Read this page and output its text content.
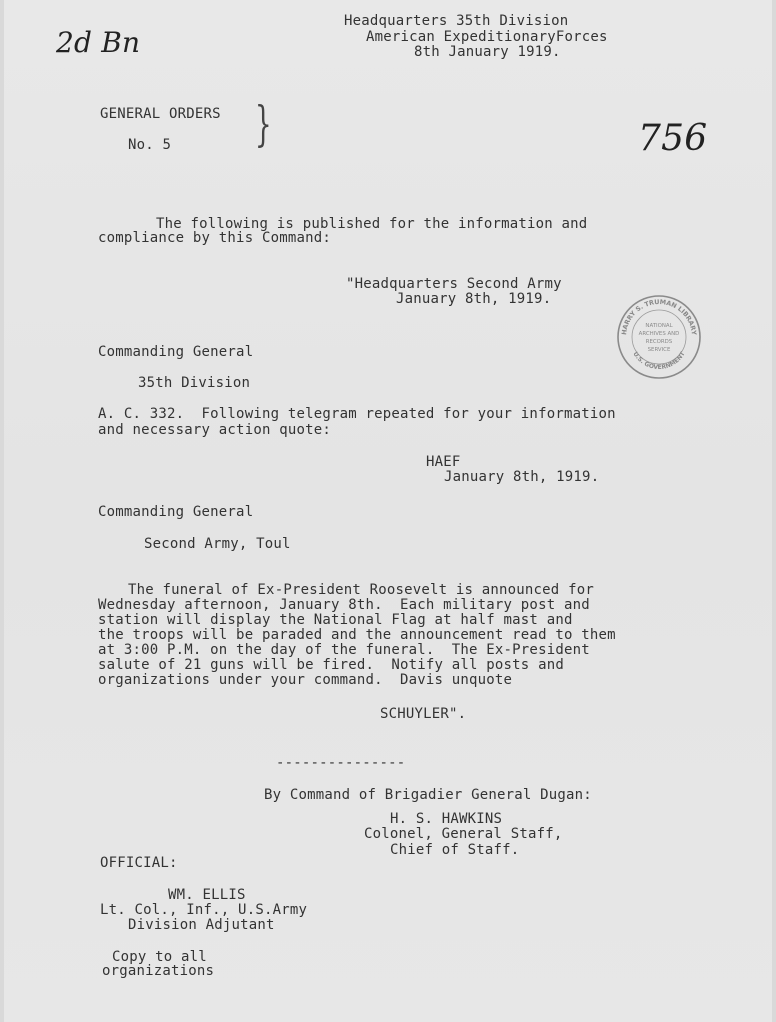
2d Bn
756
Headquarters 35th Division
American ExpeditionaryForces
8th January 1919.
GENERAL ORDERS
No. 5 }
The following is published for the information and
compliance by this Command:
"Headquarters Second Army
January 8th, 1919.
HARRY S. TRUMAN LIBRARY
U.S. GOVERNMENT
NATIONAL
ARCHIVES AND
RECORDS
SERVICE
Commanding General
35th Division
A. C. 332.  Following telegram repeated for your information
and necessary action quote:
HAEF
January 8th, 1919.
Commanding General
Second Army, Toul
The funeral of Ex-President Roosevelt is announced for
Wednesday afternoon, January 8th.  Each military post and
station will display the National Flag at half mast and
the troops will be paraded and the announcement read to them
at 3:00 P.M. on the day of the funeral.  The Ex-President
salute of 21 guns will be fired.  Notify all posts and
organizations under your command.  Davis unquote
SCHUYLER".
---------------
By Command of Brigadier General Dugan:
H. S. HAWKINS
Colonel, General Staff,
Chief of Staff.
OFFICIAL:
WM. ELLIS
Lt. Col., Inf., U.S.Army
Division Adjutant
Copy to all
organizations
